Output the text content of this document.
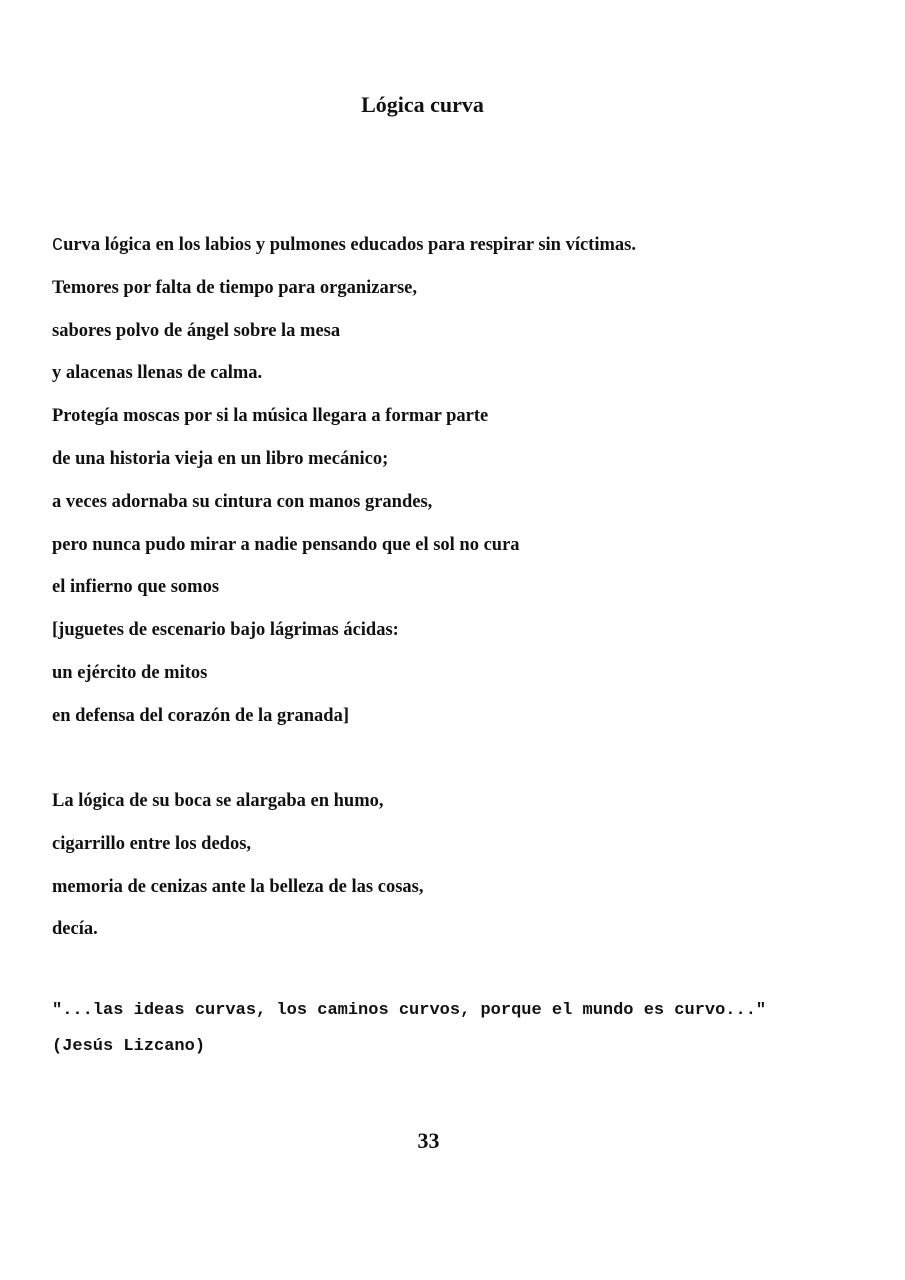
Lógica curva
Curva lógica en los labios y pulmones educados para respirar sin víctimas.
Temores por falta de tiempo para organizarse,
sabores polvo de ángel sobre la mesa
y alacenas llenas de calma.
Protegía moscas por si la música llegara a formar parte
de una historia vieja en un libro mecánico;
a veces adornaba su cintura con manos grandes,
pero nunca pudo mirar a nadie pensando que el sol no cura
el infierno que somos
[juguetes de escenario bajo lágrimas ácidas:
un ejército de mitos
en defensa del corazón de la granada]
La lógica de su boca se alargaba en humo,
cigarrillo entre los dedos,
memoria de cenizas ante la belleza de las cosas,
decía.
"...las ideas curvas, los caminos curvos, porque el mundo es curvo..."
(Jesús Lizcano)
33
